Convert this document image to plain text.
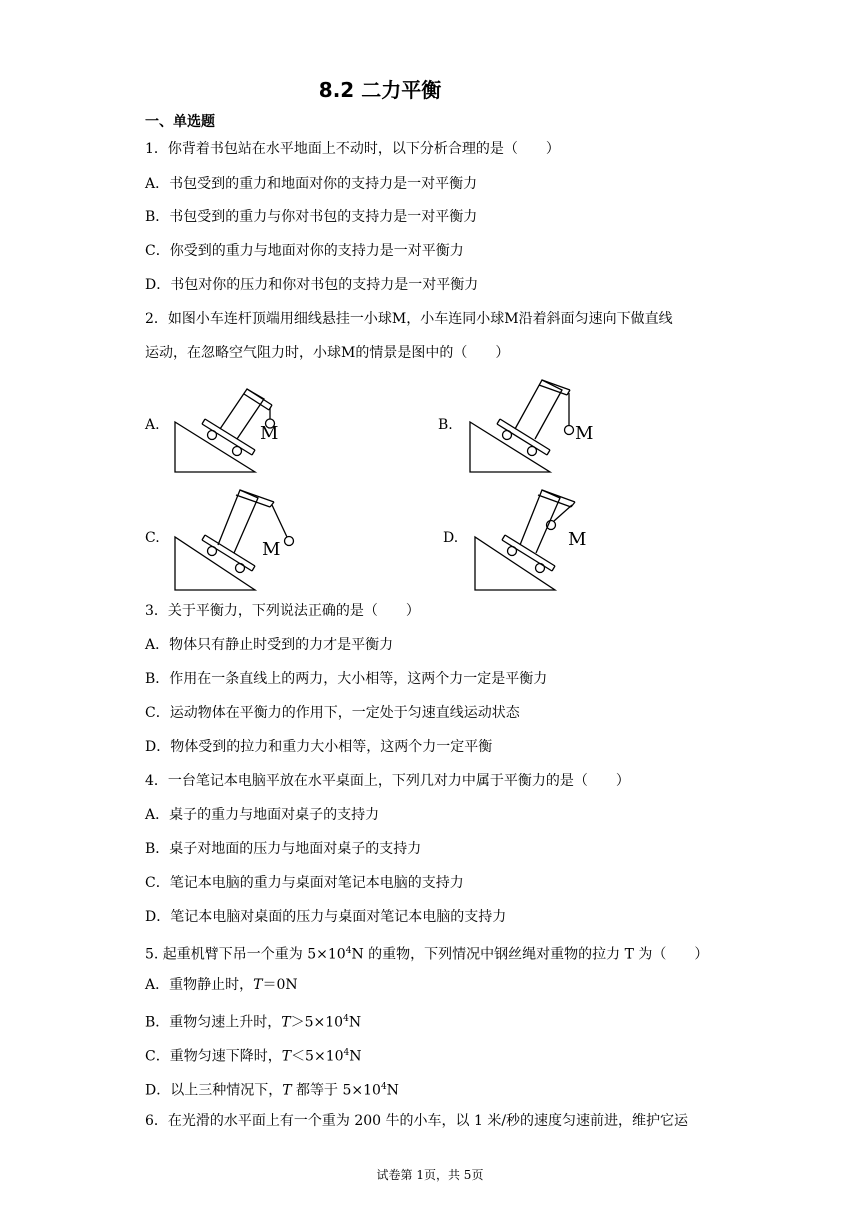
8.2 二力平衡
一、单选题
1．你背着书包站在水平地面上不动时，以下分析合理的是（　　）
A．书包受到的重力和地面对你的支持力是一对平衡力
B．书包受到的重力与你对书包的支持力是一对平衡力
C．你受到的重力与地面对你的支持力是一对平衡力
D．书包对你的压力和你对书包的支持力是一对平衡力
2．如图小车连杆顶端用细线悬挂一小球M，小车连同小球M沿着斜面匀速向下做直线
运动，在忽略空气阻力时，小球M的情景是图中的（　　）
A.	B.
C.	D.
M	M
M	M
3．关于平衡力，下列说法正确的是（　　）
A．物体只有静止时受到的力才是平衡力
B．作用在一条直线上的两力，大小相等，这两个力一定是平衡力
C．运动物体在平衡力的作用下，一定处于匀速直线运动状态
D．物体受到的拉力和重力大小相等，这两个力一定平衡
4．一台笔记本电脑平放在水平桌面上，下列几对力中属于平衡力的是（　　）
A．桌子的重力与地面对桌子的支持力
B．桌子对地面的压力与地面对桌子的支持力
C．笔记本电脑的重力与桌面对笔记本电脑的支持力
D．笔记本电脑对桌面的压力与桌面对笔记本电脑的支持力
5. 起重机臂下吊一个重为 $5\times 10^4N$ 的重物，下列情况中钢丝绳对重物的拉力 T 为（　　）
A．重物静止时，T＝0N
B．重物匀速上升时，$T>5\times 10^4N$
C．重物匀速下降时，$T<5\times 10^4N$
D．以上三种情况下，T 都等于 $5\times 10^4N$
6．在光滑的水平面上有一个重为 200 牛的小车，以 1 米/秒的速度匀速前进，维护它运
试卷第 1页，共 5页
